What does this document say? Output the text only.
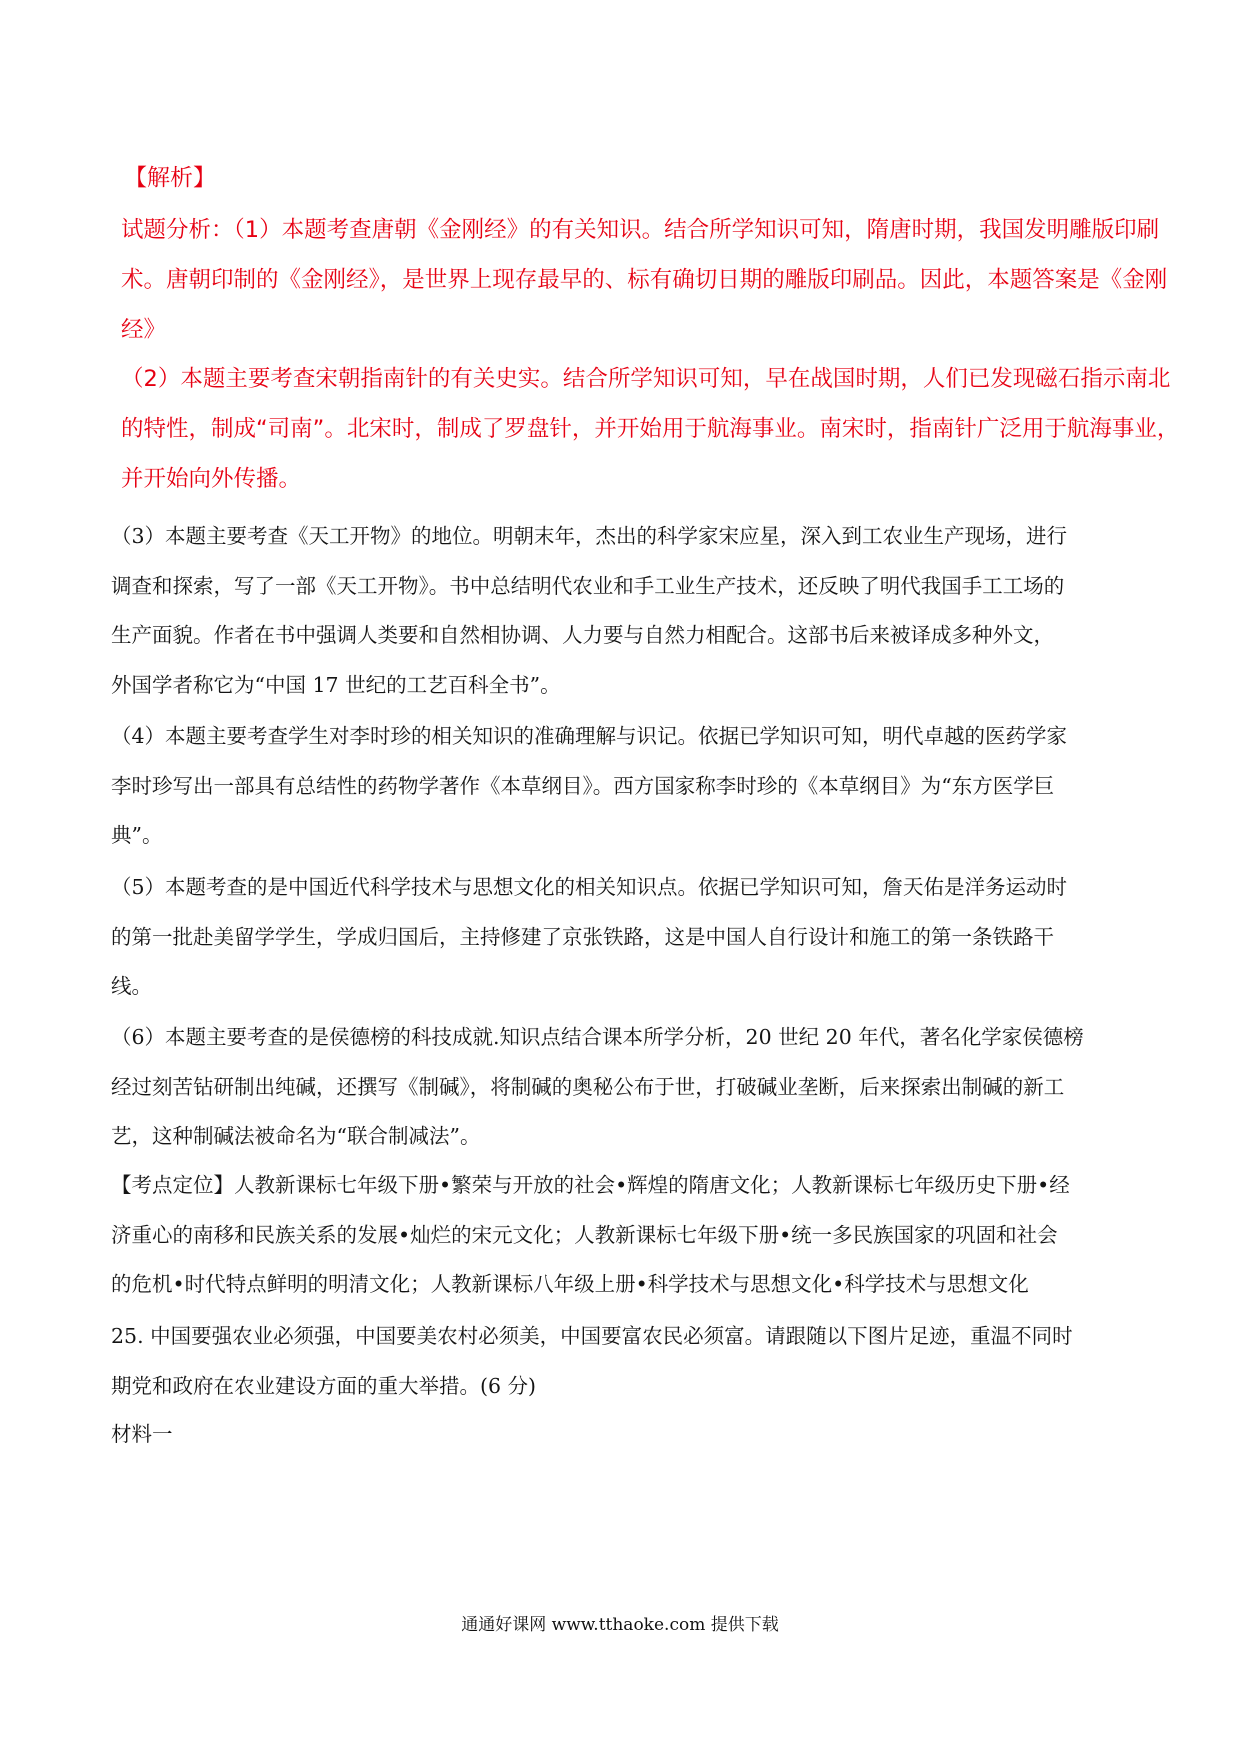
【解析】

试题分析：（1）本题考查唐朝《金刚经》的有关知识。结合所学知识可知，隋唐时期，我国发明雕版印刷
术。唐朝印制的《金刚经》，是世界上现存最早的、标有确切日期的雕版印刷品。因此，本题答案是《金刚
经》
（2）本题主要考查宋朝指南针的有关史实。结合所学知识可知，早在战国时期，人们已发现磁石指示南北
的特性，制成“司南”。北宋时，制成了罗盘针，并开始用于航海事业。南宋时，指南针广泛用于航海事业，
并开始向外传播。
（3）本题主要考查《天工开物》的地位。明朝末年，杰出的科学家宋应星，深入到工农业生产现场，进行
调查和探索，写了一部《天工开物》。书中总结明代农业和手工业生产技术，还反映了明代我国手工工场的
生产面貌。作者在书中强调人类要和自然相协调、人力要与自然力相配合。这部书后来被译成多种外文，
外国学者称它为“中国 17 世纪的工艺百科全书”。
（4）本题主要考查学生对李时珍的相关知识的准确理解与识记。依据已学知识可知，明代卓越的医药学家
李时珍写出一部具有总结性的药物学著作《本草纲目》。西方国家称李时珍的《本草纲目》为“东方医学巨
典”。
（5）本题考查的是中国近代科学技术与思想文化的相关知识点。依据已学知识可知，詹天佑是洋务运动时
的第一批赴美留学学生，学成归国后，主持修建了京张铁路，这是中国人自行设计和施工的第一条铁路干
线。
（6）本题主要考查的是侯德榜的科技成就.知识点结合课本所学分析，20 世纪 20 年代，著名化学家侯德榜
经过刻苦钻研制出纯碱，还撰写《制碱》，将制碱的奥秘公布于世，打破碱业垄断，后来探索出制碱的新工
艺，这种制碱法被命名为“联合制减法”。
【考点定位】人教新课标七年级下册•繁荣与开放的社会•辉煌的隋唐文化；人教新课标七年级历史下册•经
济重心的南移和民族关系的发展•灿烂的宋元文化；人教新课标七年级下册•统一多民族国家的巩固和社会
的危机•时代特点鲜明的明清文化；人教新课标八年级上册•科学技术与思想文化•科学技术与思想文化
25. 中国要强农业必须强，中国要美农村必须美，中国要富农民必须富。请跟随以下图片足迹，重温不同时
期党和政府在农业建设方面的重大举措。(6 分)
材料一

通通好课网 www.tthaoke.com 提供下载
